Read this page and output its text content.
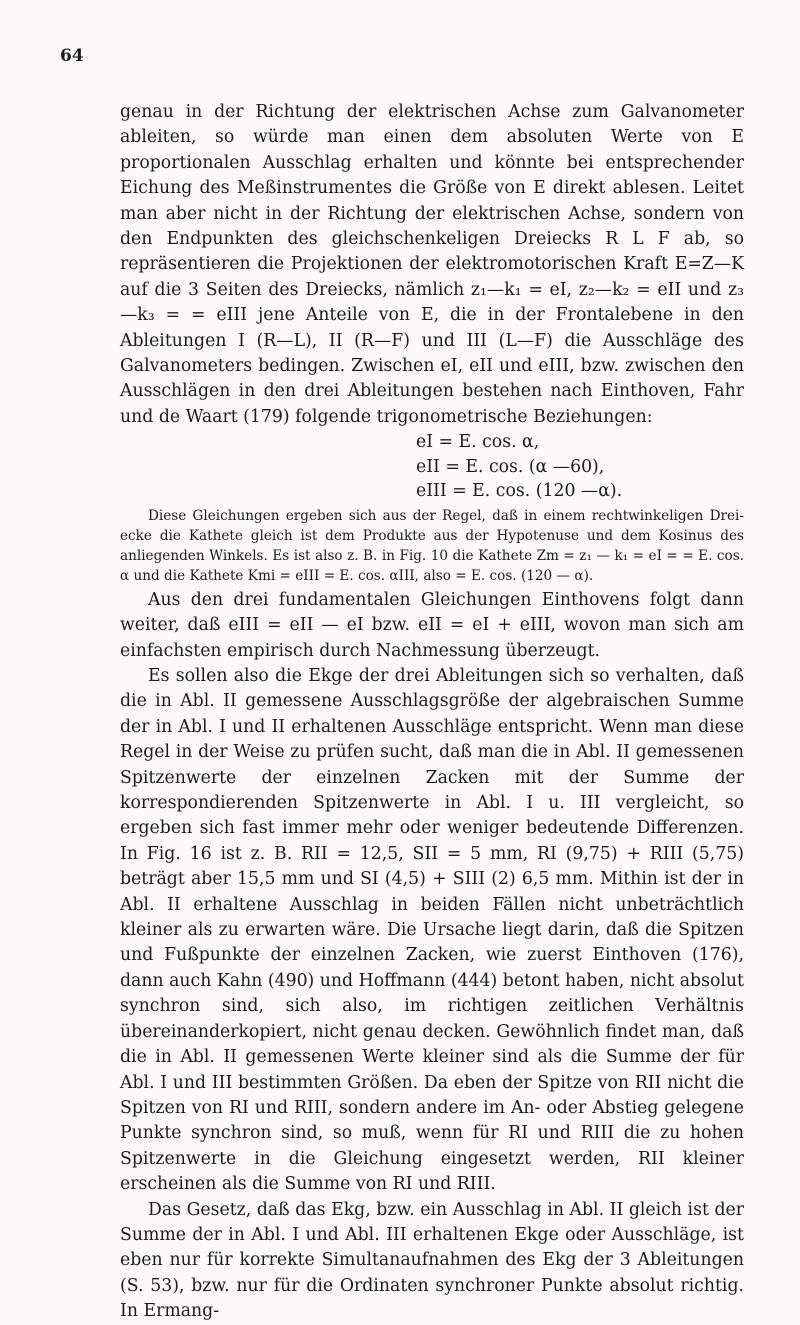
64

genau in der Richtung der elektrischen Achse zum Galvanometer ableiten, so würde man einen dem absoluten Werte von E proportionalen Ausschlag erhalten und könnte bei entsprechender Eichung des Meßinstrumentes die Größe von E direkt ablesen. Leitet man aber nicht in der Richtung der elektrischen Achse, sondern von den Endpunkten des gleichschenkeligen Dreiecks R L F ab, so repräsentieren die Projektionen der elektromotorischen Kraft E=Z—K auf die 3 Seiten des Dreiecks, nämlich z₁—k₁ = eI, z₂—k₂ = eII und z₃—k₃ = = eIII jene Anteile von E, die in der Frontalebene in den Ableitungen I (R—L), II (R—F) und III (L—F) die Ausschläge des Galvanometers bedingen. Zwischen eI, eII und eIII, bzw. zwischen den Ausschlägen in den drei Ableitungen bestehen nach Einthoven, Fahr und de Waart (179) folgende trigonometrische Beziehungen:

eI = E. cos. α,
eII = E. cos. (α —60),
eIII = E. cos. (120 —α).

Diese Gleichungen ergeben sich aus der Regel, daß in einem rechtwinkeligen Dreiecke die Kathete gleich ist dem Produkte aus der Hypotenuse und dem Kosinus des anliegenden Winkels. Es ist also z. B. in Fig. 10 die Kathete Zm = z₁ — k₁ = eI = = E. cos. α und die Kathete Kmi = eIII = E. cos. αIII, also = E. cos. (120 — α).

Aus den drei fundamentalen Gleichungen Einthovens folgt dann weiter, daß eIII = eII — eI bzw. eII = eI + eIII, wovon man sich am einfachsten empirisch durch Nachmessung überzeugt.

Es sollen also die Ekge der drei Ableitungen sich so verhalten, daß die in Abl. II gemessene Ausschlagsgröße der algebraischen Summe der in Abl. I und II erhaltenen Ausschläge entspricht. Wenn man diese Regel in der Weise zu prüfen sucht, daß man die in Abl. II gemessenen Spitzenwerte der einzelnen Zacken mit der Summe der korrespondierenden Spitzenwerte in Abl. I u. III vergleicht, so ergeben sich fast immer mehr oder weniger bedeutende Differenzen. In Fig. 16 ist z. B. RII = 12,5, SII = 5 mm, RI (9,75) + RIII (5,75) beträgt aber 15,5 mm und SI (4,5) + SIII (2) 6,5 mm. Mithin ist der in Abl. II erhaltene Ausschlag in beiden Fällen nicht unbeträchtlich kleiner als zu erwarten wäre. Die Ursache liegt darin, daß die Spitzen und Fußpunkte der einzelnen Zacken, wie zuerst Einthoven (176), dann auch Kahn (490) und Hoffmann (444) betont haben, nicht absolut synchron sind, sich also, im richtigen zeitlichen Verhältnis übereinanderkopiert, nicht genau decken. Gewöhnlich findet man, daß die in Abl. II gemessenen Werte kleiner sind als die Summe der für Abl. I und III bestimmten Größen. Da eben der Spitze von RII nicht die Spitzen von RI und RIII, sondern andere im An- oder Abstieg gelegene Punkte synchron sind, so muß, wenn für RI und RIII die zu hohen Spitzenwerte in die Gleichung eingesetzt werden, RII kleiner erscheinen als die Summe von RI und RIII.

Das Gesetz, daß das Ekg, bzw. ein Ausschlag in Abl. II gleich ist der Summe der in Abl. I und Abl. III erhaltenen Ekge oder Ausschläge, ist eben nur für korrekte Simultanaufnahmen des Ekg der 3 Ableitungen (S. 53), bzw. nur für die Ordinaten synchroner Punkte absolut richtig. In Ermang-
